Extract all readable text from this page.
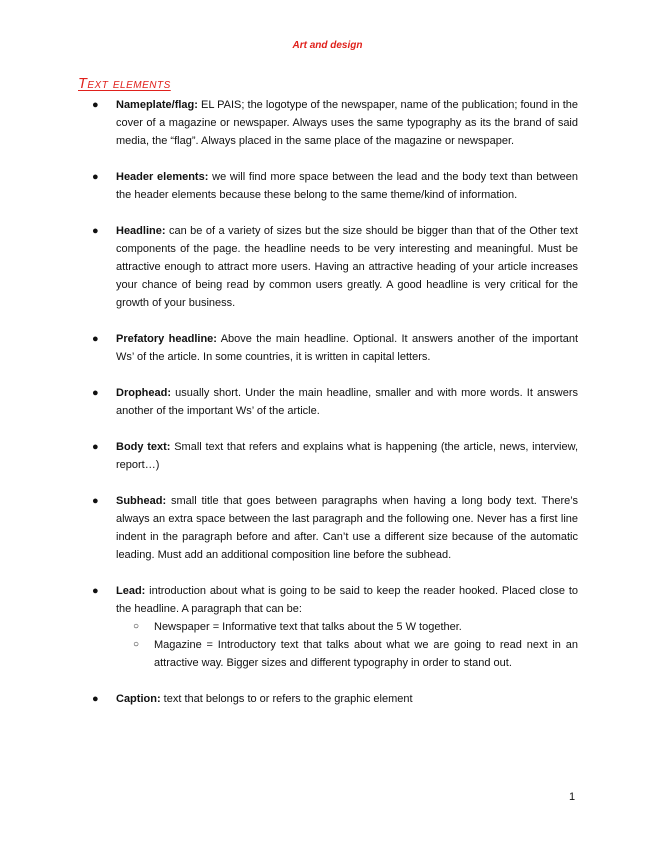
Art and design
Text elements
● Nameplate/flag: EL PAIS; the logotype of the newspaper, name of the publication; found in the cover of a magazine or newspaper. Always uses the same typography as its the brand of said media, the “flag”. Always placed in the same place of the magazine or newspaper.
● Header elements: we will find more space between the lead and the body text than between the header elements because these belong to the same theme/kind of information.
● Headline: can be of a variety of sizes but the size should be bigger than that of the Other text components of the page. the headline needs to be very interesting and meaningful. Must be attractive enough to attract more users. Having an attractive heading of your article increases your chance of being read by common users greatly. A good headline is very critical for the growth of your business.
● Prefatory headline: Above the main headline. Optional. It answers another of the important Ws’ of the article. In some countries, it is written in capital letters.
● Drophead: usually short. Under the main headline, smaller and with more words. It answers another of the important Ws’ of the article.
● Body text: Small text that refers and explains what is happening (the article, news, interview, report…)
● Subhead: small title that goes between paragraphs when having a long body text. There’s always an extra space between the last paragraph and the following one. Never has a first line indent in the paragraph before and after. Can’t use a different size because of the automatic leading. Must add an additional composition line before the subhead.
● Lead: introduction about what is going to be said to keep the reader hooked. Placed close to the headline. A paragraph that can be:
○ Newspaper = Informative text that talks about the 5 W together.
○ Magazine = Introductory text that talks about what we are going to read next in an attractive way. Bigger sizes and different typography in order to stand out.
● Caption: text that belongs to or refers to the graphic element
1
